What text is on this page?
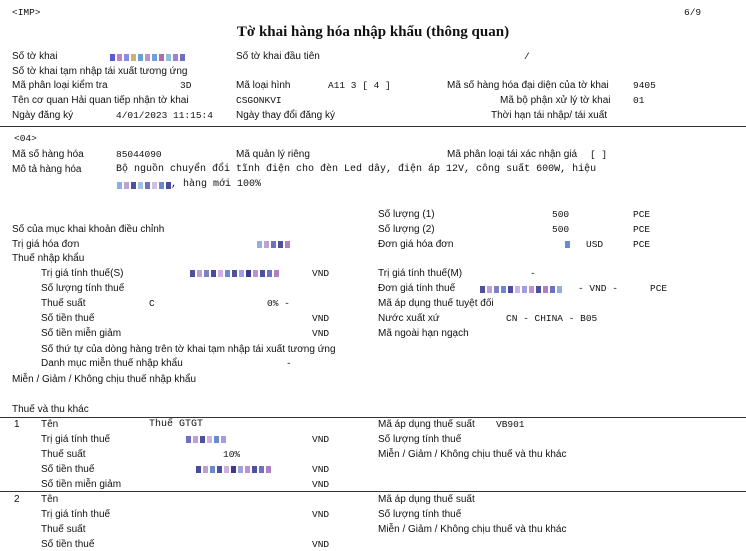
<IMP>	6/9
Tờ khai hàng hóa nhập khẩu (thông quan)
Số tờ khai	Số tờ khai đầu tiên	/
Số tờ khai tạm nhập tái xuất tương ứng
Mã phân loại kiểm tra	3D	Mã loại hình	A11 3 [ 4 ]	Mã số hàng hóa đại diện của tờ khai	9405
Tên cơ quan Hải quan tiếp nhận tờ khai	CSGONKVI	Mã bộ phận xử lý tờ khai 01
Ngày đăng ký	4/01/2023 11:15:4 Ngày thay đổi đăng ký	Thời hạn tái nhập/ tái xuất
<04>
Mã số hàng hóa	85044090	Mã quản lý riêng	Mã phân loại tái xác nhận giá [ ]
Mô tả hàng hóa	Bộ nguồn chuyển đổi tĩnh điện cho đèn Led dây, điện áp 12V, công suất 600W, hiệu
, hàng mới 100%
Số lượng (1)	500	PCE
Số của mục khai khoản điều chỉnh	Số lượng (2)	500	PCE
Trị giá hóa đơn	Đơn giá hóa đơn	USD	PCE
Thuế nhập khẩu
Trị giá tính thuế(S)	VND	Trị giá tính thuế(M)	-
Số lượng tính thuế	Đơn giá tính thuế	- VND -	PCE
Thuế suất	C	0% -	Mã áp dụng thuế tuyệt đối
Số tiền thuế	VND	Nước xuất xứ	CN - CHINA - B05
Số tiền miễn giảm	VND	Mã ngoài hạn ngạch
Số thứ tự của dòng hàng trên tờ khai tạm nhập tái xuất tương ứng
Danh mục miễn thuế nhập khẩu	-
Miễn / Giảm / Không chịu thuế nhập khẩu
Thuế và thu khác
1 Tên	Thuế GTGT	Mã áp dụng thuế suất VB901
Trị giá tính thuế	VND	Số lượng tính thuế
Thuế suất	10%	Miễn / Giảm / Không chịu thuế và thu khác
Số tiền thuế	VND
Số tiền miễn giảm	VND
2 Tên	Mã áp dụng thuế suất
Trị giá tính thuế	VND	Số lượng tính thuế
Thuế suất	Miễn / Giảm / Không chịu thuế và thu khác
Số tiền thuế	VND
